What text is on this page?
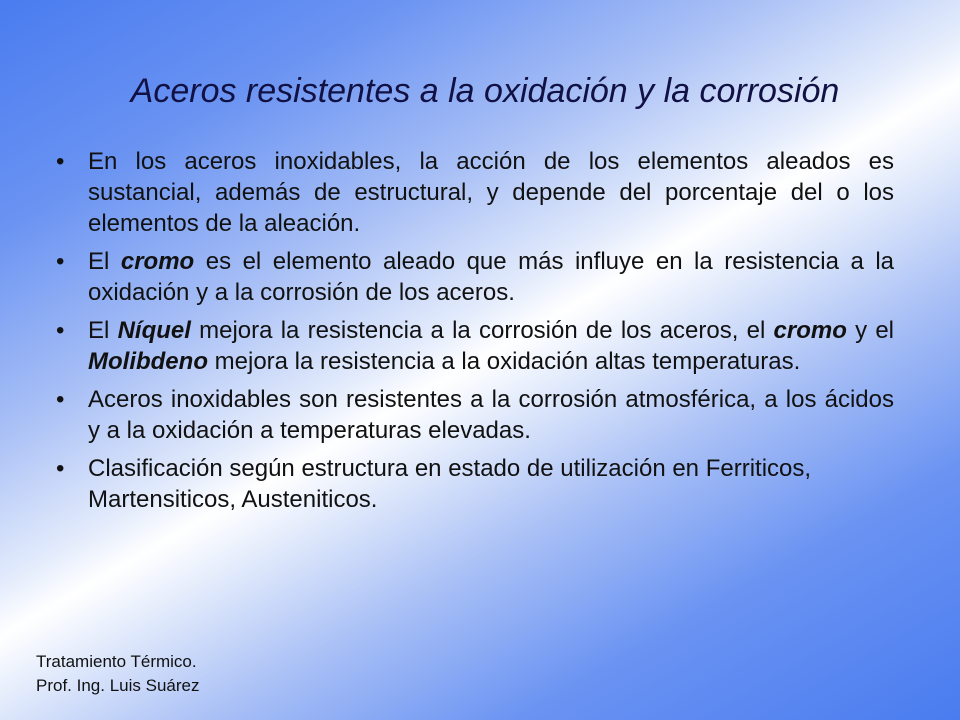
Aceros resistentes a la oxidación y la corrosión
• En los aceros inoxidables, la acción de los elementos aleados es sustancial, además de estructural, y depende del porcentaje del o los elementos de la aleación.
• El cromo es el elemento aleado que más influye en la resistencia a la oxidación y a la corrosión de los aceros.
• El Níquel mejora la resistencia a la corrosión de los aceros, el cromo y el Molibdeno mejora la resistencia a la oxidación altas temperaturas.
• Aceros inoxidables son resistentes a la corrosión atmosférica, a los ácidos y a la oxidación a temperaturas elevadas.
• Clasificación según estructura en estado de utilización en Ferriticos, Martensiticos, Austeniticos.
Tratamiento Térmico.
Prof. Ing. Luis Suárez
